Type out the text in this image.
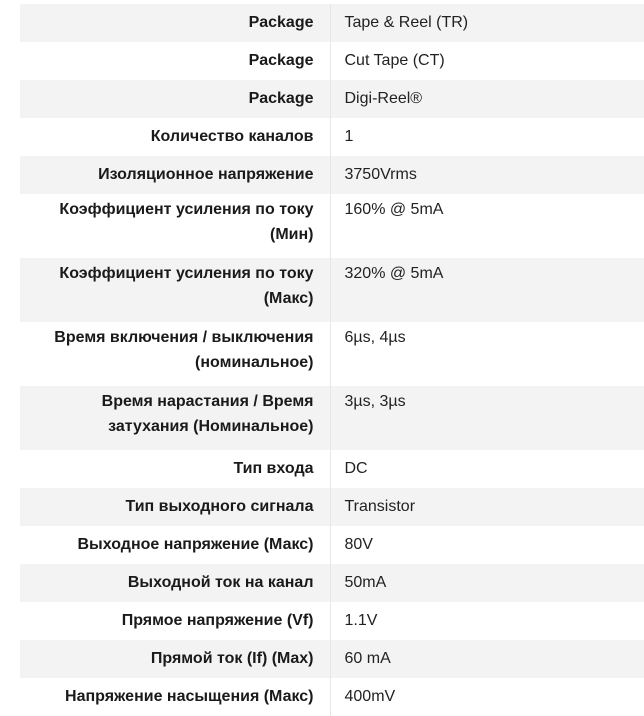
Package	Tape & Reel (TR)
Package	Cut Tape (CT)
Package	Digi-Reel®
Количество каналов	1
Изоляционное напряжение	3750Vrms
Коэффициент усиления по току (Мин)	160% @ 5mA
Коэффициент усиления по току (Макс)	320% @ 5mA
Время включения / выключения (номинальное)	6µs, 4µs
Время нарастания / Время затухания (Номинальное)	3µs, 3µs
Тип входа	DC
Тип выходного сигнала	Transistor
Выходное напряжение (Макс)	80V
Выходной ток на канал	50mA
Прямое напряжение (Vf)	1.1V
Прямой ток (If) (Max)	60 mA
Напряжение насыщения (Макс)	400mV
